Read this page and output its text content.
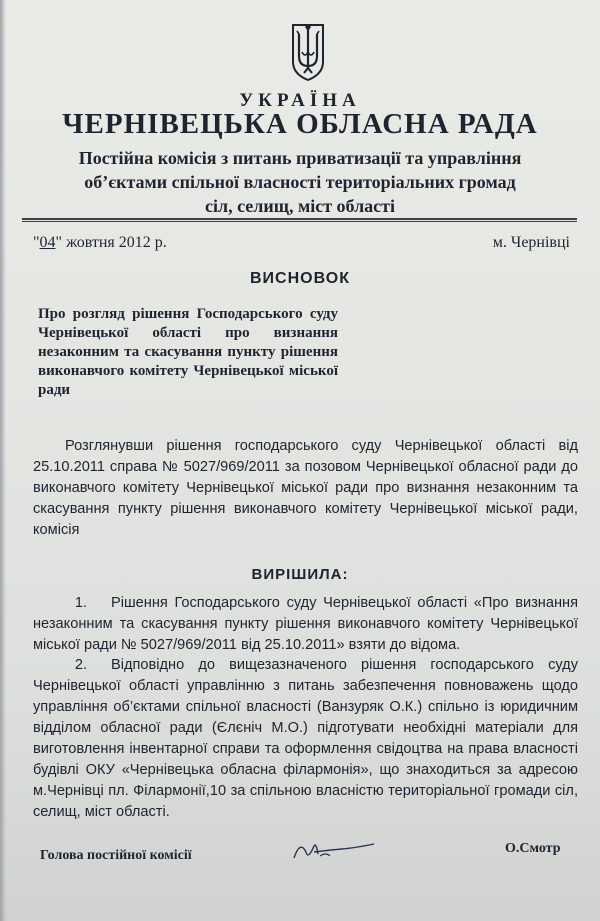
УКРАЇНА
ЧЕРНІВЕЦЬКА ОБЛАСНА РАДА
Постійна комісія з питань приватизації та управління
об’єктами спільної власності територіальних громад
сіл, селищ, міст області
"04" жовтня 2012 р.	м. Чернівці
ВИСНОВОК
Про розгляд рішення Господарського суду Чернівецької області про визнання незаконним та скасування пункту рішення виконавчого комітету Чернівецької міської ради
Розглянувши рішення господарського суду Чернівецької області від 25.10.2011 справа № 5027/969/2011 за позовом Чернівецької обласної ради до виконавчого комітету Чернівецької міської ради про визнання незаконним та скасування пункту рішення виконавчого комітету Чернівецької міської ради, комісія
ВИРІШИЛА:
1. Рішення Господарського суду Чернівецької області «Про визнання незаконним та скасування пункту рішення виконавчого комітету Чернівецької міської ради № 5027/969/2011 від 25.10.2011» взяти до відома.
2. Відповідно до вищезазначеного рішення господарського суду Чернівецької області управлінню з питань забезпечення повноважень щодо управління об’єктами спільної власності (Ванзуряк О.К.) спільно із юридичним відділом обласної ради (Єлєніч М.О.) підготувати необхідні матеріали для виготовлення інвентарної справи та оформлення свідоцтва на права власності будівлі ОКУ «Чернівецька обласна філармонія», що знаходиться за адресою м.Чернівці пл. Філармонії,10 за спільною власністю територіальної громади сіл, селищ, міст області.
Голова постійної комісії	О.Смотр
